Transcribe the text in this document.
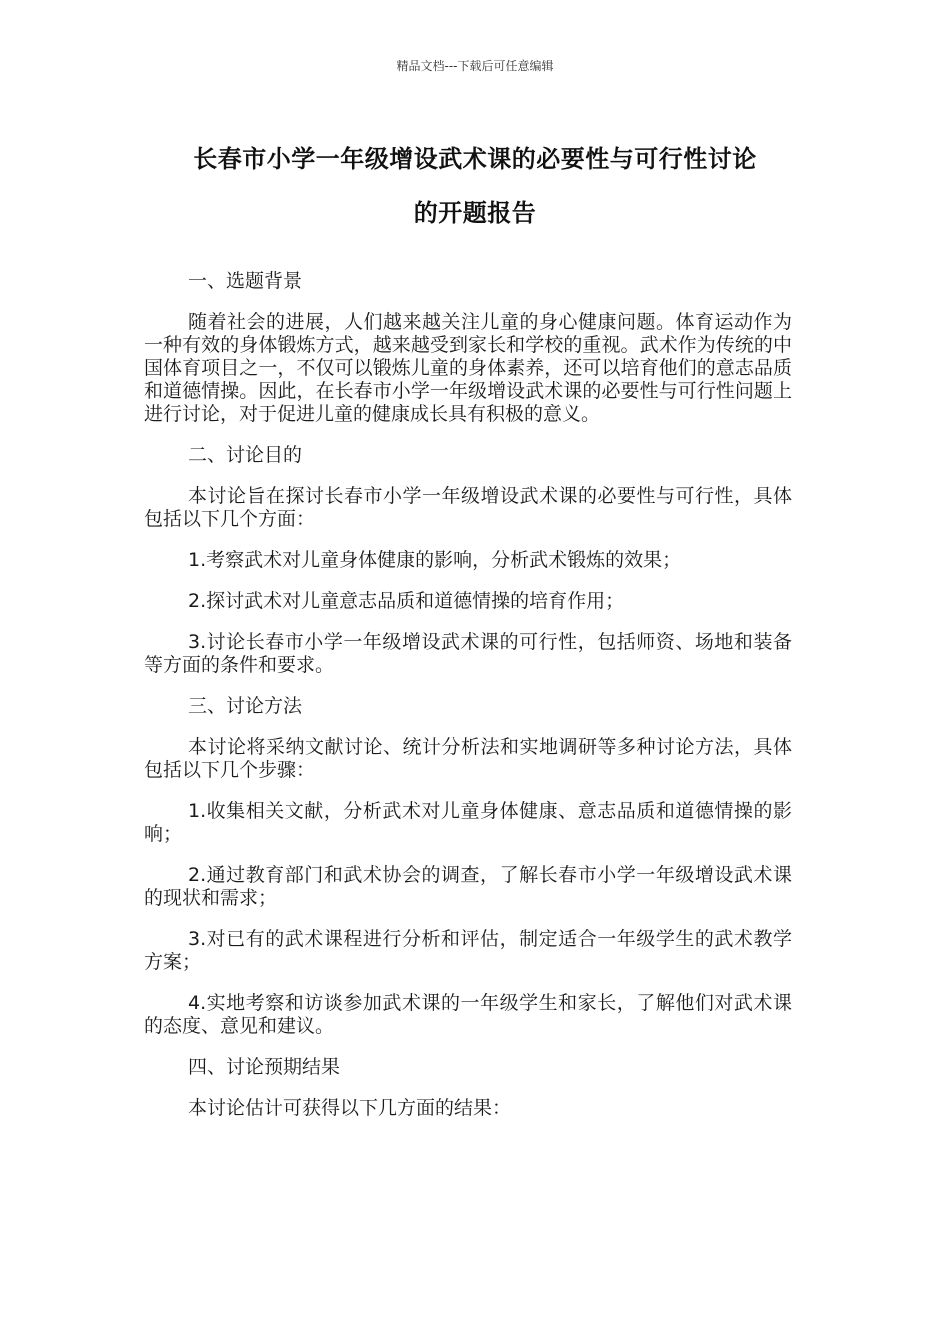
精品文档---下载后可任意编辑
长春市小学一年级增设武术课的必要性与可行性讨论
的开题报告

一、选题背景

随着社会的进展，人们越来越关注儿童的身心健康问题。体育运动作为一种有效的身体锻炼方式，越来越受到家长和学校的重视。武术作为传统的中国体育项目之一，不仅可以锻炼儿童的身体素养，还可以培育他们的意志品质和道德情操。因此，在长春市小学一年级增设武术课的必要性与可行性问题上进行讨论，对于促进儿童的健康成长具有积极的意义。

二、讨论目的

本讨论旨在探讨长春市小学一年级增设武术课的必要性与可行性，具体包括以下几个方面：

1.考察武术对儿童身体健康的影响，分析武术锻炼的效果；

2.探讨武术对儿童意志品质和道德情操的培育作用；

3.讨论长春市小学一年级增设武术课的可行性，包括师资、场地和装备等方面的条件和要求。

三、讨论方法

本讨论将采纳文献讨论、统计分析法和实地调研等多种讨论方法，具体包括以下几个步骤：

1.收集相关文献，分析武术对儿童身体健康、意志品质和道德情操的影响；

2.通过教育部门和武术协会的调查，了解长春市小学一年级增设武术课的现状和需求；

3.对已有的武术课程进行分析和评估，制定适合一年级学生的武术教学方案；

4.实地考察和访谈参加武术课的一年级学生和家长，了解他们对武术课的态度、意见和建议。

四、讨论预期结果

本讨论估计可获得以下几方面的结果：
